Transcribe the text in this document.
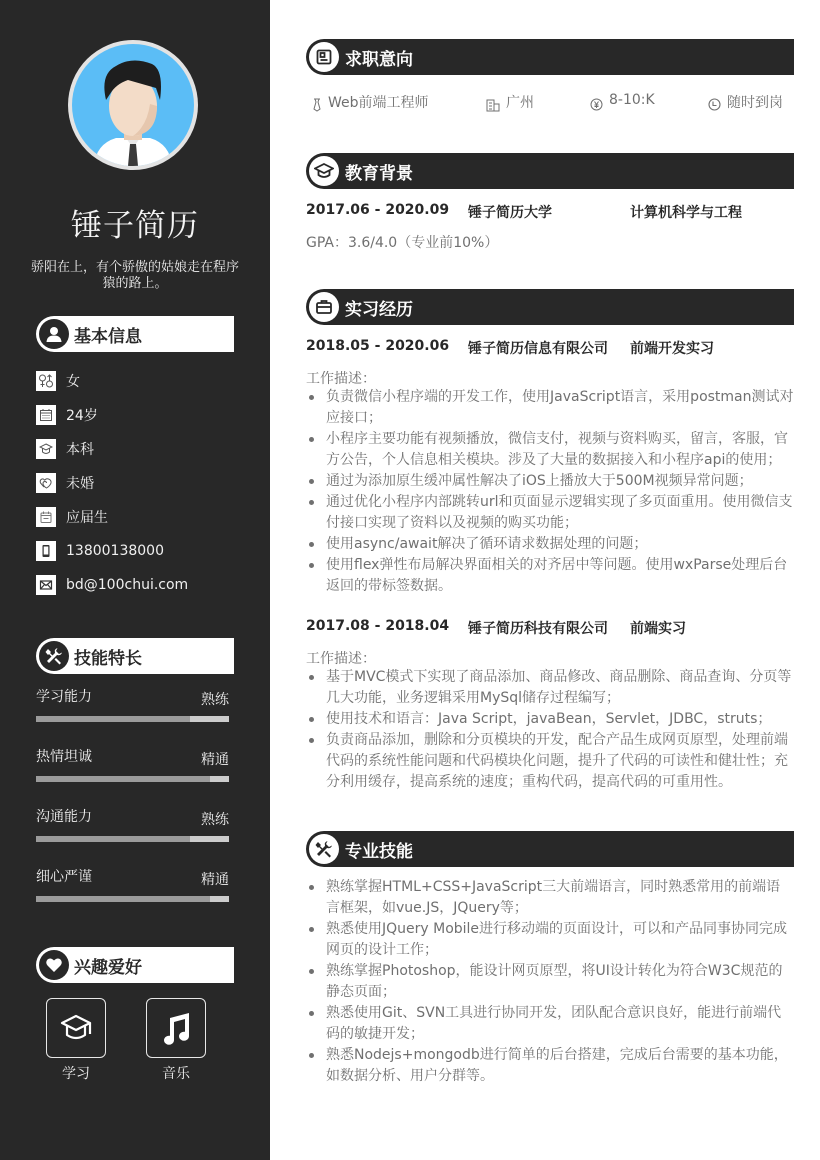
锤子简历
骄阳在上，有个骄傲的姑娘走在程序猿的路上。
基本信息
女
24岁
本科
未婚
应届生
13800138000
bd@100chui.com
技能特长
学习能力	熟练
热情坦诚	精通
沟通能力	熟练
细心严谨	精通
兴趣爱好
学习	音乐
求职意向
Web前端工程师	广州	8-10:K	随时到岗
教育背景
2017.06 - 2020.09 锤子简历大学	计算机科学与工程
GPA：3.6/4.0（专业前10%）
实习经历
2018.05 - 2020.06 锤子简历信息有限公司 前端开发实习
工作描述：
负责微信小程序端的开发工作，使用JavaScript语言，采用postman测试对应接口；
小程序主要功能有视频播放，微信支付，视频与资料购买，留言，客服，官方公告，个人信息相关模块。涉及了大量的数据接入和小程序api的使用；
通过为添加原生缓冲属性解决了iOS上播放大于500M视频异常问题；
通过优化小程序内部跳转url和页面显示逻辑实现了多页面重用。使用微信支付接口实现了资料以及视频的购买功能；
使用async/await解决了循环请求数据处理的问题；
使用flex弹性布局解决界面相关的对齐居中等问题。使用wxParse处理后台返回的带标签数据。
2017.08 - 2018.04 锤子简历科技有限公司 前端实习
工作描述：
基于MVC模式下实现了商品添加、商品修改、商品删除、商品查询、分页等几大功能，业务逻辑采用MySql储存过程编写；
使用技术和语言：Java Script，javaBean，Servlet，JDBC，struts；
负责商品添加，删除和分页模块的开发，配合产品生成网页原型，处理前端代码的系统性能问题和代码模块化问题，提升了代码的可读性和健壮性；充分利用缓存，提高系统的速度；重构代码，提高代码的可重用性。
专业技能
熟练掌握HTML+CSS+JavaScript三大前端语言，同时熟悉常用的前端语言框架，如vue.JS，JQuery等；
熟悉使用JQuery Mobile进行移动端的页面设计，可以和产品同事协同完成网页的设计工作；
熟练掌握Photoshop，能设计网页原型，将UI设计转化为符合W3C规范的静态页面；
熟悉使用Git、SVN工具进行协同开发，团队配合意识良好，能进行前端代码的敏捷开发；
熟悉Nodejs+mongodb进行简单的后台搭建，完成后台需要的基本功能，如数据分析、用户分群等。
